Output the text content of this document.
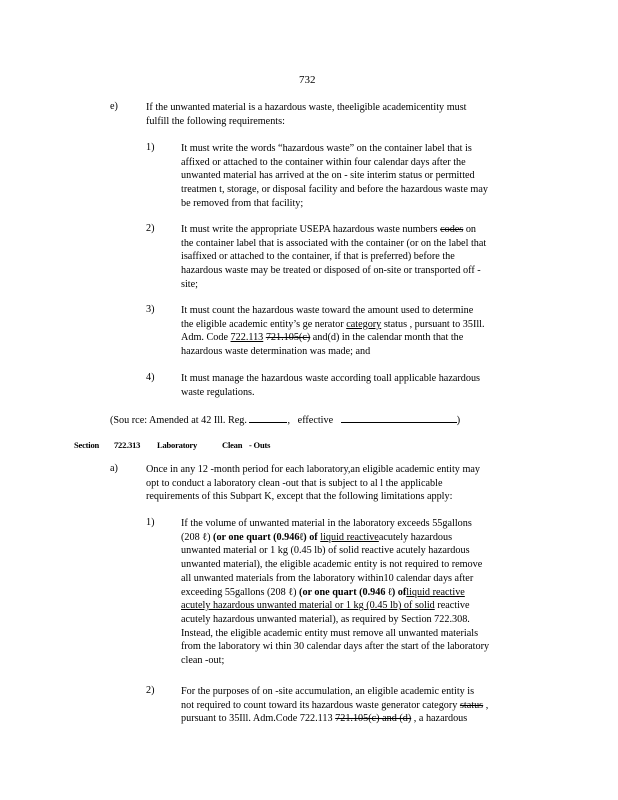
732
e)	If the unwanted material is a hazardous waste, theeligible academicentity must

fulfill the following requirements:

1)	It must write the words “hazardous waste” on the container label that is

affixed or attached to the container within four calendar days after the

unwanted material has arrived at the on - site interim status or permitted

treatmen t, storage, or disposal facility and before the hazardous waste may

be removed from that facility;

2)	It must write the appropriate USEPA hazardous waste numbers codes on

the container label that is associated with the container (or on the label that

isaffixed or attached to the container, if that is preferred) before the

hazardous waste may be treated or disposed of on-site or transported off -

site;

3)	It must count the hazardous waste toward the amount used to determine

the eligible academic entity’s ge nerator category status , pursuant to 35Ill.

Adm. Code 722.113 721.105(c) and(d) in the calendar month that the

hazardous waste determination was made; and

4)	It must manage the hazardous waste according toall applicable hazardous

waste regulations.

(Sou rce: Amended at 42 Ill. Reg.	, effective	)
Section 722.313 Laboratory	Clean - Outs
a)	Once in any 12 -month period for each laboratory,an eligible academic entity may

opt to conduct a laboratory clean -out that is subject to al l the applicable

requirements of this Subpart K, except that the following limitations apply:

1)	If the volume of unwanted material in the laboratory exceeds 55gallons

(208 ℓ) (or one quart (0.946ℓ) of liquid reactiveacutely hazardous

unwanted material or 1 kg (0.45 lb) of solid reactive acutely hazardous

unwanted material), the eligible academic entity is not required to remove

all unwanted materials from the laboratory within10 calendar days after

exceeding 55gallons (208 ℓ) (or one quart (0.946 ℓ) ofliquid reactive

acutely hazardous unwanted material or 1 kg (0.45 lb) of solid reactive

acutely hazardous unwanted material), as required by Section 722.308.

Instead, the eligible academic entity must remove all unwanted materials

from the laboratory wi thin 30 calendar days after the start of the laboratory

clean -out;

2)	For the purposes of on -site accumulation, an eligible academic entity is

not required to count toward its hazardous waste generator category status ,

pursuant to 35Ill. Adm.Code 722.113 721.105(c) and (d) , a hazardous
